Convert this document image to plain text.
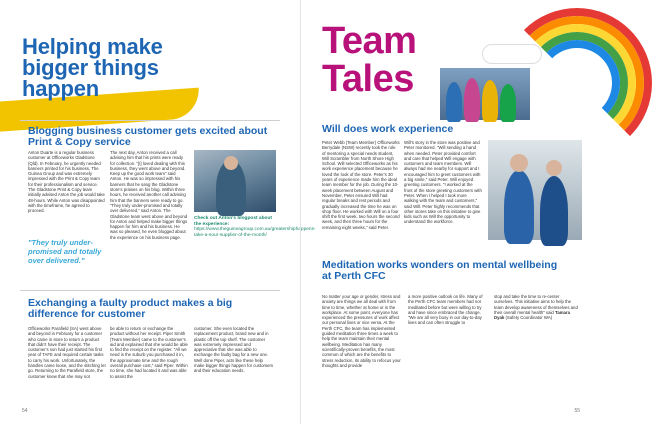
Helping make bigger things happen
Blogging business customer gets excited about Print & Copy service
Anton Duarte is a regular business customer at Officeworks Gladstone (Qld). In February, he urgently needed banners printed for his business, The Guinea Group and was extremely impressed with the Print & Copy team for their professionalism and service. The Gladstone Print & Copy team initially advised Anton the job would take 48-hours. While Anton was disappointed with the timeframe, he agreed to proceed.
"They truly under-promised and totally over delivered."
The next day, Anton received a call advising him that his prints were ready for collection. "[I] loved dealing with this business, they went above and beyond. Keep up the good work team" said Anton. He was so impressed with his banners that he sang the Gladstone store's praises on his blog. Within three hours, he received another call advising him that the banners were ready to go. "They truly under-promised and totally over delivered," said Anton. The Gladstone team went above and beyond for Anton and helped make bigger things happen for him and his business. He was so pleased, he even blogged about the experience on his business page.
Check out Anton's blogpost about the experience:
https://www.theguineagroup.com.au/greatershiphappens-take-a-sour-supplier-of-the-month/
Exchanging a faulty product makes a big difference for customer
Officeworks Parafield (SA) went above and beyond in February for a customer who came in store to return a product that didn't have their receipt. The customer's son had just started his first year of TAFE and required certain tasks to carry his work. Unfortunately, the handles came loose, and the stitching let go. Returning to the Parafield store, the customer knew that she may not
be able to return or exchange the product without her receipt. Piper Smith (Team Member) came to the customer's aid and explained that she would be able to find the receipt on the register. "All we need is the suburb you purchased it in, the approximate time and the rough overall purchase cost," said Piper. Within no time, she had located it and was able to assist the
customer. She even located the replacement product, brand new and in plastic off the top shelf. The customer was extremely impressed and appreciative that she was able to exchange the faulty bag for a new one. Well done Piper, acts like these help make bigger things happen for customers and their education needs.
54	55
Team Tales
Will does work experience
Peter Webb (Team Member) Officeworks Berrydale (NSW) recently took the role of mentoring a special needs student, Will Scrambler from North Shore High School. Will selected Officeworks as his work experience placement because he loved the look of the store. Peter's 30 years of experience made him the ideal team member for the job. During the 10-week placement between August and November, Peter ensured Will had regular breaks and rest periods and gradually increased the time he was on shop floor. He worked with Will on a four shift the first week, two hours the second week, and then three hours for the remaining eight weeks," said Peter.
Will's story in the store was positive and Peter monitored. "Will sending a hand when needed. Peter provided comfort and care that helped Will engage with customers and team members. Will always had me nearby for support and I encouraged him to greet customers with a big smile," said Peter. Will enjoyed greeting customers. "I worked at the front of the store greeting customers with Peter. When I helped I took more walking with the team and customers," said Will. Peter highly recommends that other stores take on this initiative to give kids such as Will the opportunity to understand the workforce.
Meditation works wonders on mental wellbeing at Perth CFC
No matter your age or gender, stress and anxiety are things we all deal with from time to time, whether at home or in the workplace. At some point, everyone has experienced the pressures of work affect our personal lives or vice versa. At the Perth CFC, the team has implemented guided meditation three times a week to help the team maintain their mental wellbeing. Meditation has many scientifically-proven benefits, the most common of which are the benefits to stress reduction, its ability to refocus your thoughts and provide
a more positive outlook on life. Many of the Perth CFC team members had not meditated before but were willing to try and have since embraced the change. "We are all very busy in our day-to-day lives and can often struggle to
stop and take the time to re-center ourselves. This initiative aims to help the team develop awareness of themselves and their overall mental health" said Tamara Dyak (Safety Coordinator WA)
